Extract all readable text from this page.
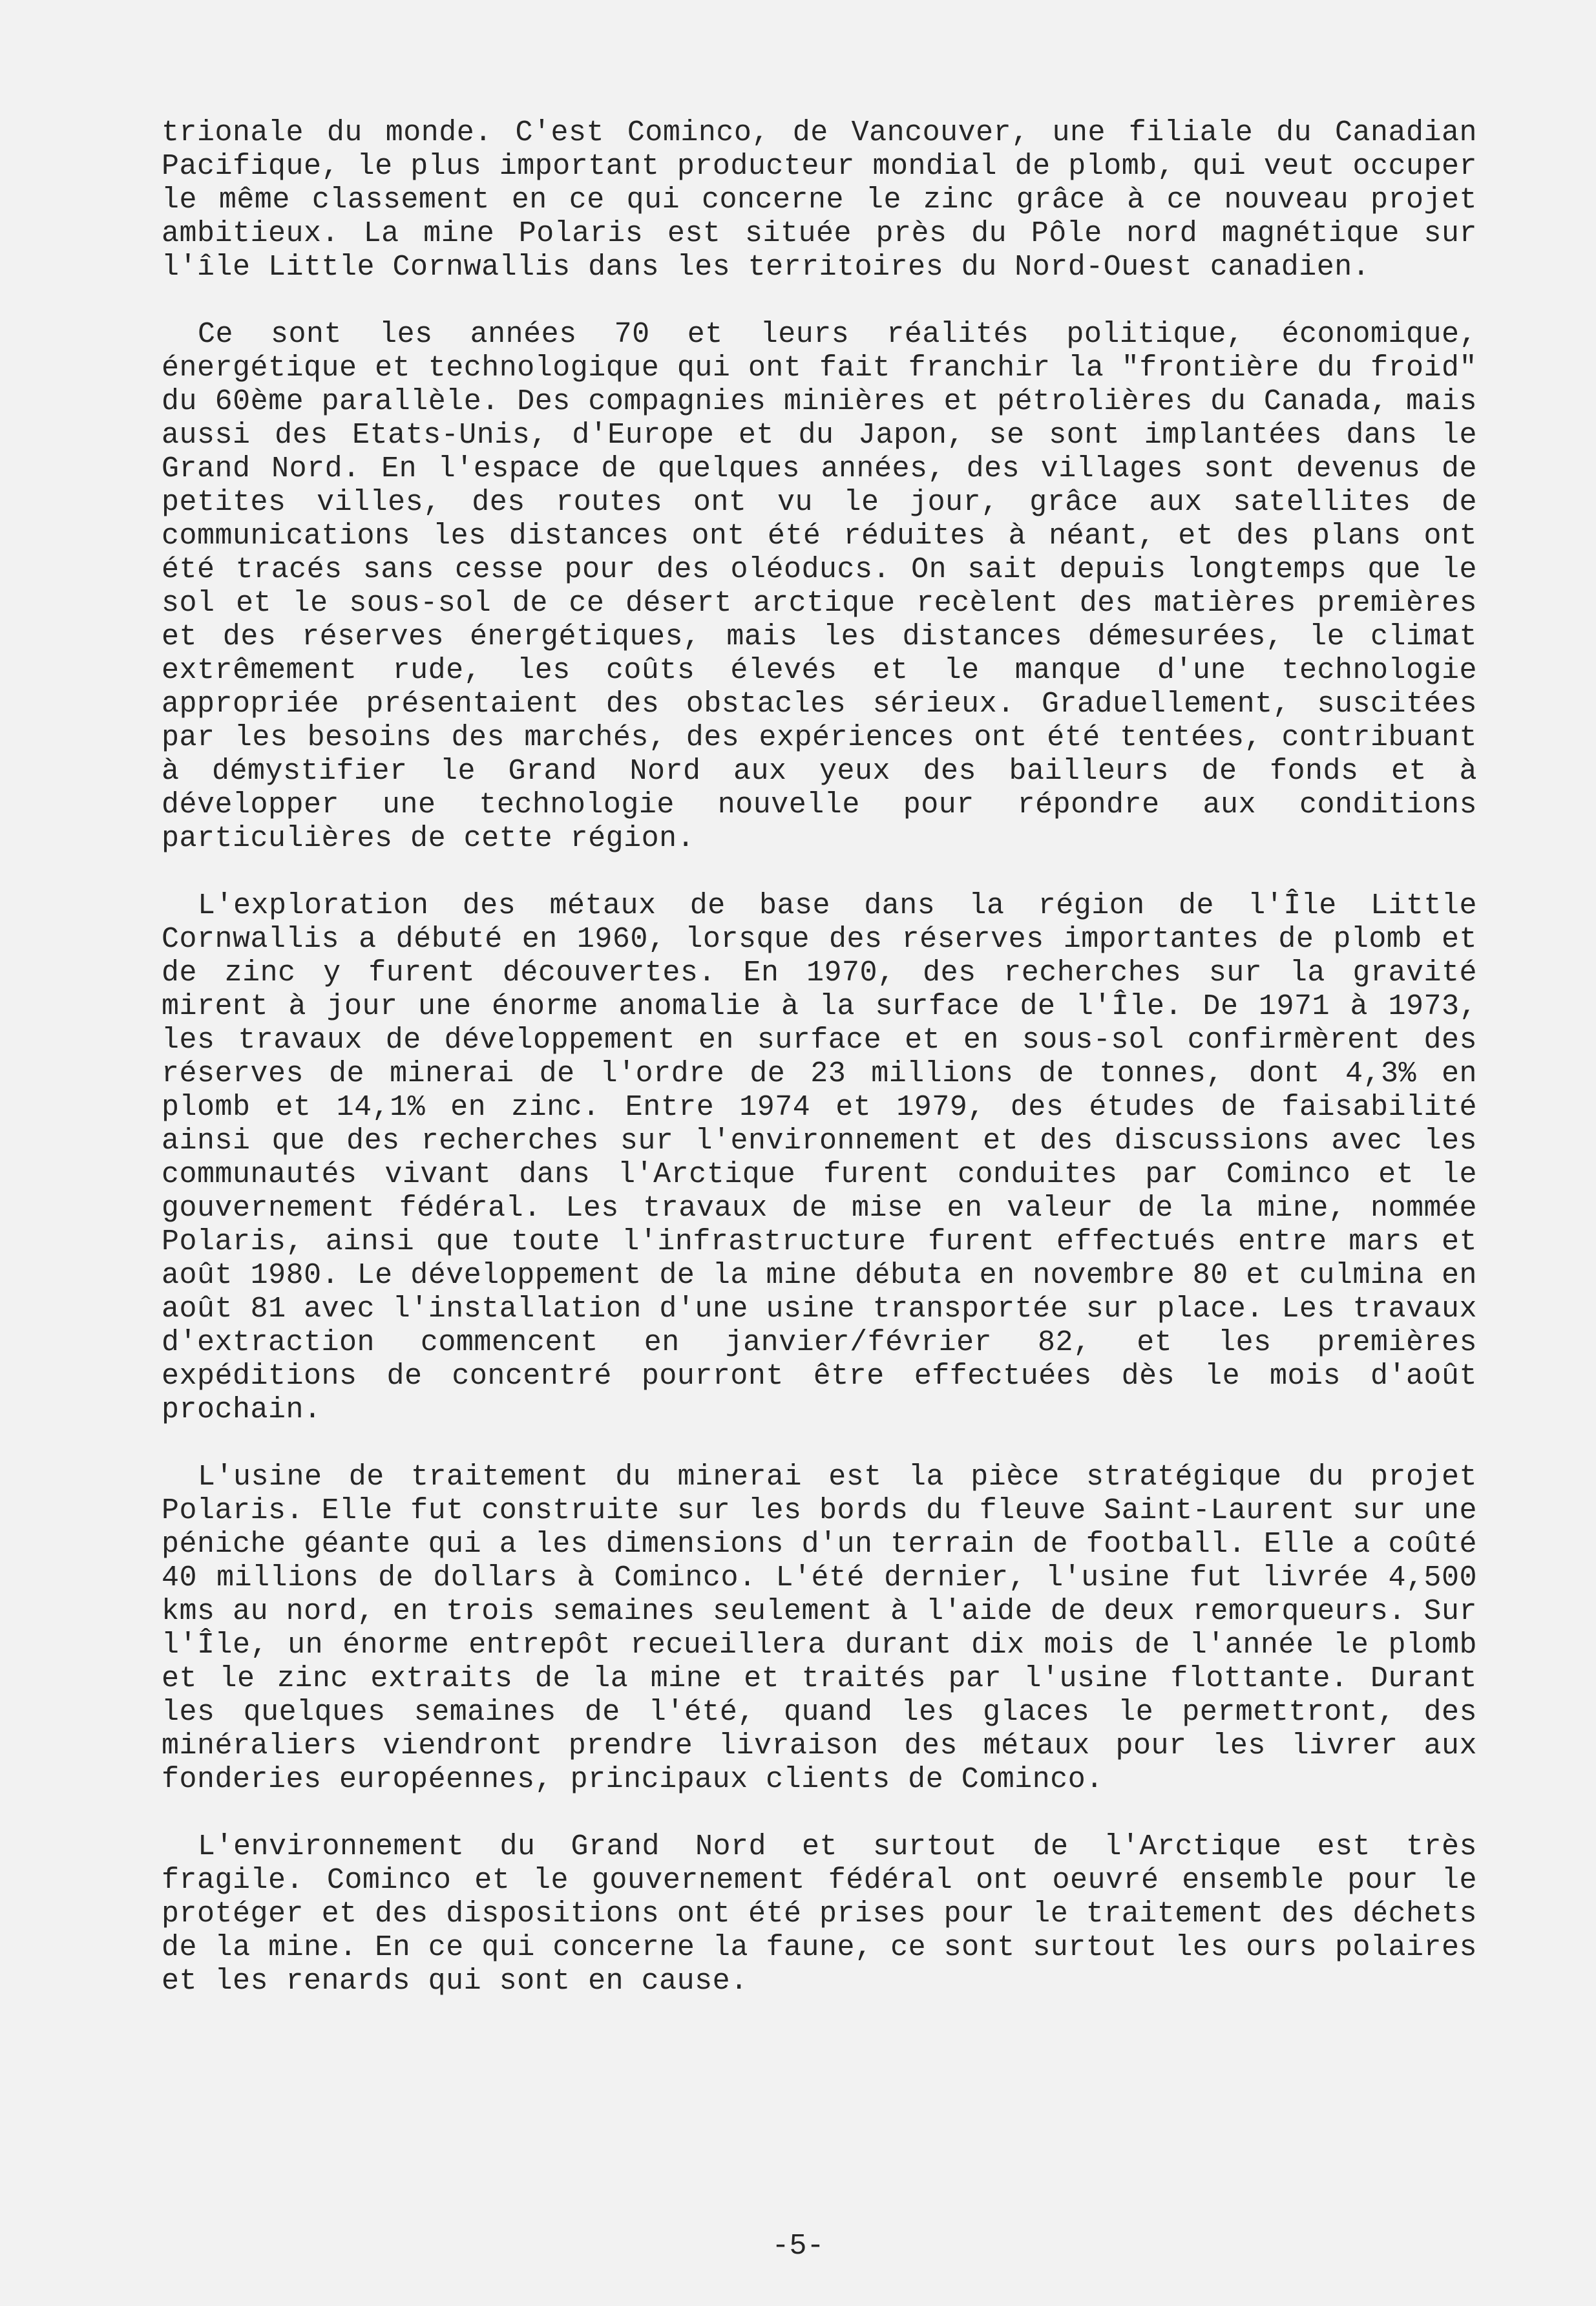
trionale du monde. C'est Cominco, de Vancouver, une filiale du Canadian Pacifique, le plus important producteur mondial de plomb, qui veut occuper le même classement en ce qui concerne le zinc grâce à ce nouveau projet ambitieux. La mine Polaris est située près du Pôle nord magnétique sur l'île Little Cornwallis dans les territoires du Nord-Ouest canadien.

Ce sont les années 70 et leurs réalités politique, économique, énergétique et technologique qui ont fait franchir la "frontière du froid" du 60ème parallèle. Des compagnies minières et pétrolières du Canada, mais aussi des Etats-Unis, d'Europe et du Japon, se sont implantées dans le Grand Nord. En l'espace de quelques années, des villages sont devenus de petites villes, des routes ont vu le jour, grâce aux satellites de communications les distances ont été réduites à néant, et des plans ont été tracés sans cesse pour des oléoducs. On sait depuis longtemps que le sol et le sous-sol de ce désert arctique recèlent des matières premières et des réserves énergétiques, mais les distances démesurées, le climat extrêmement rude, les coûts élevés et le manque d'une technologie appropriée présentaient des obstacles sérieux. Graduellement, suscitées par les besoins des marchés, des expériences ont été tentées, contribuant à démystifier le Grand Nord aux yeux des bailleurs de fonds et à développer une technologie nouvelle pour répondre aux conditions particulières de cette région.

L'exploration des métaux de base dans la région de l'Île Little Cornwallis a débuté en 1960, lorsque des réserves importantes de plomb et de zinc y furent découvertes. En 1970, des recherches sur la gravité mirent à jour une énorme anomalie à la surface de l'Île. De 1971 à 1973, les travaux de développement en surface et en sous-sol confirmèrent des réserves de minerai de l'ordre de 23 millions de tonnes, dont 4,3% en plomb et 14,1% en zinc. Entre 1974 et 1979, des études de faisabilité ainsi que des recherches sur l'environnement et des discussions avec les communautés vivant dans l'Arctique furent conduites par Cominco et le gouvernement fédéral. Les travaux de mise en valeur de la mine, nommée Polaris, ainsi que toute l'infrastructure furent effectués entre mars et août 1980. Le développement de la mine débuta en novembre 80 et culmina en août 81 avec l'installation d'une usine transportée sur place. Les travaux d'extraction commencent en janvier/février 82, et les premières expéditions de concentré pourront être effectuées dès le mois d'août prochain.

L'usine de traitement du minerai est la pièce stratégique du projet Polaris. Elle fut construite sur les bords du fleuve Saint-Laurent sur une péniche géante qui a les dimensions d'un terrain de football. Elle a coûté 40 millions de dollars à Cominco. L'été dernier, l'usine fut livrée 4,500 kms au nord, en trois semaines seulement à l'aide de deux remorqueurs. Sur l'Île, un énorme entrepôt recueillera durant dix mois de l'année le plomb et le zinc extraits de la mine et traités par l'usine flottante. Durant les quelques semaines de l'été, quand les glaces le permettront, des minéraliers viendront prendre livraison des métaux pour les livrer aux fonderies européennes, principaux clients de Cominco.

L'environnement du Grand Nord et surtout de l'Arctique est très fragile. Cominco et le gouvernement fédéral ont oeuvré ensemble pour le protéger et des dispositions ont été prises pour le traitement des déchets de la mine. En ce qui concerne la faune, ce sont surtout les ours polaires et les renards qui sont en cause.

-5-
